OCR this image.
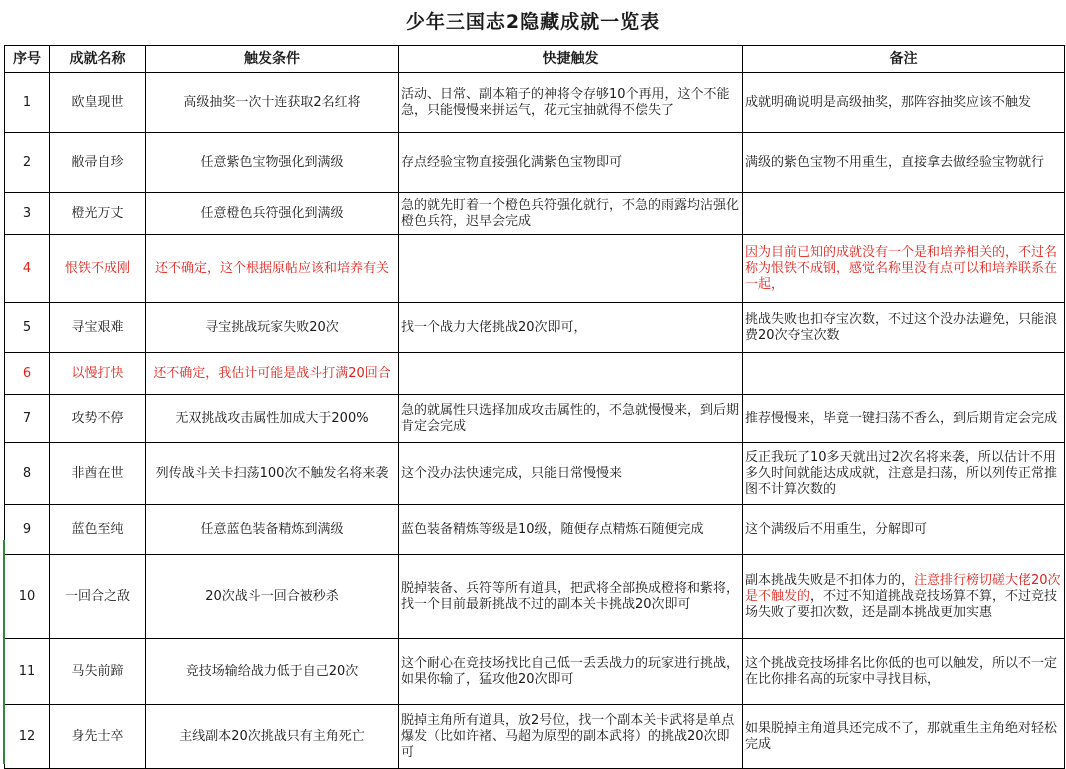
少年三国志2隐藏成就一览表
序号	成就名称	触发条件	快捷触发	备注
1	欧皇现世	高级抽奖一次十连获取2名红将	活动、日常、副本箱子的神将令存够10个再用，这个不能急，只能慢慢来拼运气，花元宝抽就得不偿失了	成就明确说明是高级抽奖，那阵容抽奖应该不触发

2	敝帚自珍	任意紫色宝物强化到满级	存点经验宝物直接强化满紫色宝物即可	满级的紫色宝物不用重生，直接拿去做经验宝物就行

3	橙光万丈	任意橙色兵符强化到满级	急的就先盯着一个橙色兵符强化就行，不急的雨露均沾强化橙色兵符，迟早会完成	

4	恨铁不成刚	还不确定，这个根据原帖应该和培养有关		因为目前已知的成就没有一个是和培养相关的，不过名称为恨铁不成钢，感觉名称里没有点可以和培养联系在一起，

5	寻宝艰难	寻宝挑战玩家失败20次	找一个战力大佬挑战20次即可，	挑战失败也扣夺宝次数，不过这个没办法避免，只能浪费20次夺宝次数

6	以慢打快	还不确定，我估计可能是战斗打满20回合		

7	攻势不停	无双挑战攻击属性加成大于200%	急的就属性只选择加成攻击属性的，不急就慢慢来，到后期肯定会完成	推荐慢慢来，毕竟一键扫荡不香么，到后期肯定会完成

8	非酋在世	列传战斗关卡扫荡100次不触发名将来袭	这个没办法快速完成，只能日常慢慢来	反正我玩了10多天就出过2次名将来袭，所以估计不用多久时间就能达成成就，注意是扫荡，所以列传正常推图不计算次数的

9	蓝色至纯	任意蓝色装备精炼到满级	蓝色装备精炼等级是10级，随便存点精炼石随便完成	这个满级后不用重生，分解即可

10	一回合之敌	20次战斗一回合被秒杀	脱掉装备、兵符等所有道具，把武将全部换成橙将和紫将，找一个目前最新挑战不过的副本关卡挑战20次即可	副本挑战失败是不扣体力的，注意排行榜切磋大佬20次是不触发的，不过不知道挑战竞技场算不算，不过竞技场失败了要扣次数，还是副本挑战更加实惠

11	马失前蹄	竞技场输给战力低于自己20次	这个耐心在竞技场找比自己低一丢丢战力的玩家进行挑战，如果你输了，猛攻他20次即可	这个挑战竞技场排名比你低的也可以触发，所以不一定在比你排名高的玩家中寻找目标，

12	身先士卒	主线副本20次挑战只有主角死亡	脱掉主角所有道具，放2号位，找一个副本关卡武将是单点爆发（比如许褚、马超为原型的副本武将）的挑战20次即可	如果脱掉主角道具还完成不了，那就重生主角绝对轻松完成
